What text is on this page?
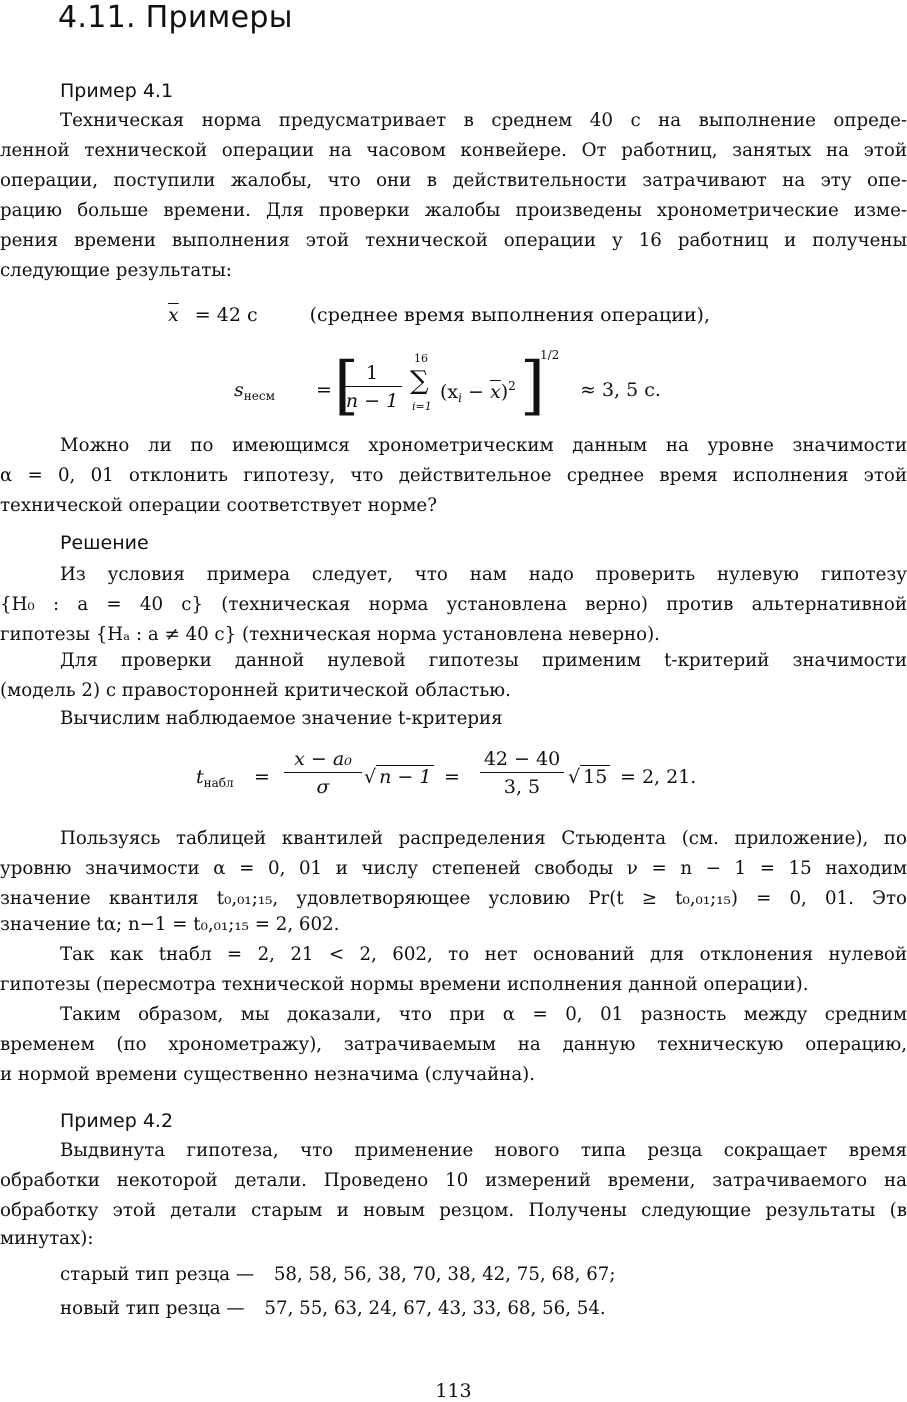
4.11. Примеры
Пример 4.1
Техническая норма предусматривает в среднем 40 с на выполнение опреде-
ленной технической операции на часовом конвейере. От работниц, занятых на этой
операции, поступили жалобы, что они в действительности затрачивают на эту опе-
рацию больше времени. Для проверки жалобы произведены хронометрические изме-
рения времени выполнения этой технической операции у 16 работниц и получены
следующие результаты:
$\overline{x} = 42$ с	(среднее время выполнения операции),
$s_{несм}$ = [
$\frac{1}{n - 1}$
16
∑
i=1
$(x_i - \overline{x})^2$ ]
1/2
≈ 3, 5 с.
Можно ли по имеющимся хронометрическим данным на уровне значимости
α = 0, 01 отклонить гипотезу, что действительное среднее время исполнения этой
технической операции соответствует норме?
Решение
Из условия примера следует, что нам надо проверить нулевую гипотезу
{H₀ : a = 40 с} (техническая норма установлена верно) против альтернативной
гипотезы {Hₐ : a ≠ 40 с} (техническая норма установлена неверно).
Для проверки данной нулевой гипотезы применим t-критерий значимости
(модель 2) с правосторонней критической областью.
Вычислим наблюдаемое значение t-критерия
$t_{набл} = \frac{\text{x − a₀}}{\sigma}$ √ $n - 1 = \frac{42 - 40}{3, 5}$ √ 15 = 2, 21.
Пользуясь таблицей квантилей распределения Стьюдента (см. приложение), по
уровню значимости α = 0, 01 и числу степеней свободы ν = n − 1 = 15 находим
значение квантиля t₀,₀₁;₁₅, удовлетворяющее условию Pr(t ≥ t₀,₀₁;₁₅) = 0, 01. Это
значение tα; n−1 = t₀,₀₁;₁₅ = 2, 602.
Так как tнабл = 2, 21 < 2, 602, то нет оснований для отклонения нулевой
гипотезы (пересмотра технической нормы времени исполнения данной операции).
Таким образом, мы доказали, что при α = 0, 01 разность между средним
временем (по хронометражу), затрачиваемым на данную техническую операцию,
и нормой времени существенно незначима (случайна).
Пример 4.2
Выдвинута гипотеза, что применение нового типа резца сокращает время
обработки некоторой детали. Проведено 10 измерений времени, затрачиваемого на
обработку этой детали старым и новым резцом. Получены следующие результаты (в
минутах):
старый тип резца — 58, 58, 56, 38, 70, 38, 42, 75, 68, 67;
новый тип резца — 57, 55, 63, 24, 67, 43, 33, 68, 56, 54.
113
